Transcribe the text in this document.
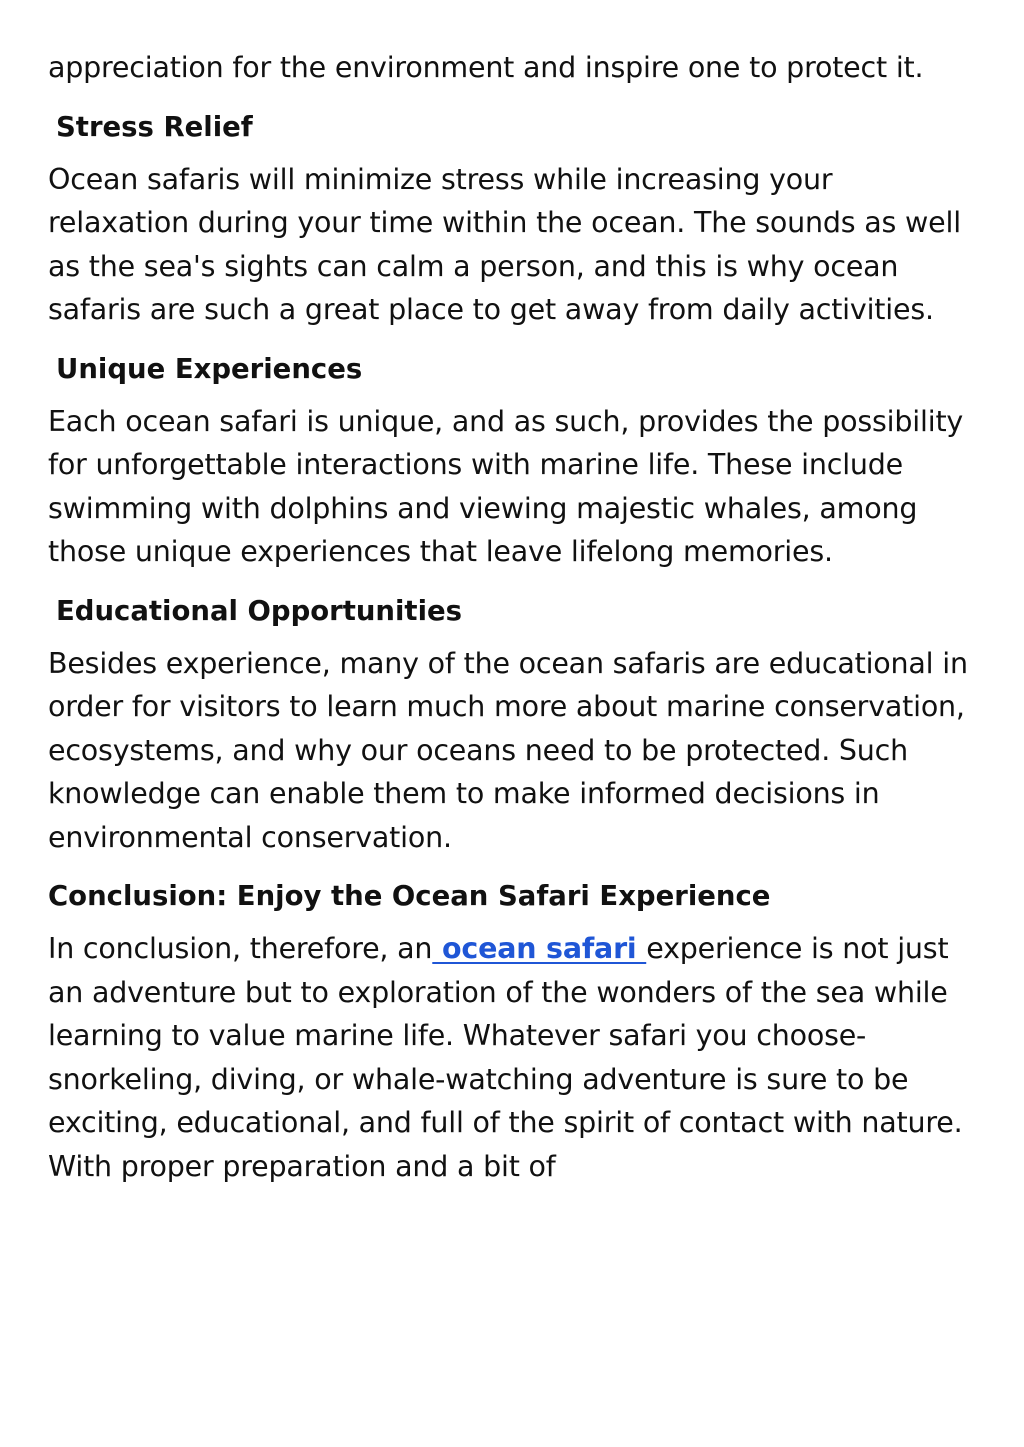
appreciation for the environment and inspire one to protect it.

Stress Relief

Ocean safaris will minimize stress while increasing your relaxation during your time within the ocean. The sounds as well as the sea's sights can calm a person, and this is why ocean safaris are such a great place to get away from daily activities.

Unique Experiences

Each ocean safari is unique, and as such, provides the possibility for unforgettable interactions with marine life. These include swimming with dolphins and viewing majestic whales, among those unique experiences that leave lifelong memories.

Educational Opportunities

Besides experience, many of the ocean safaris are educational in order for visitors to learn much more about marine conservation, ecosystems, and why our oceans need to be protected. Such knowledge can enable them to make informed decisions in environmental conservation.

Conclusion: Enjoy the Ocean Safari Experience

In conclusion, therefore, an ocean safari experience is not just an adventure but to exploration of the wonders of the sea while learning to value marine life. Whatever safari you choose- snorkeling, diving, or whale-watching adventure is sure to be exciting, educational, and full of the spirit of contact with nature. With proper preparation and a bit of
